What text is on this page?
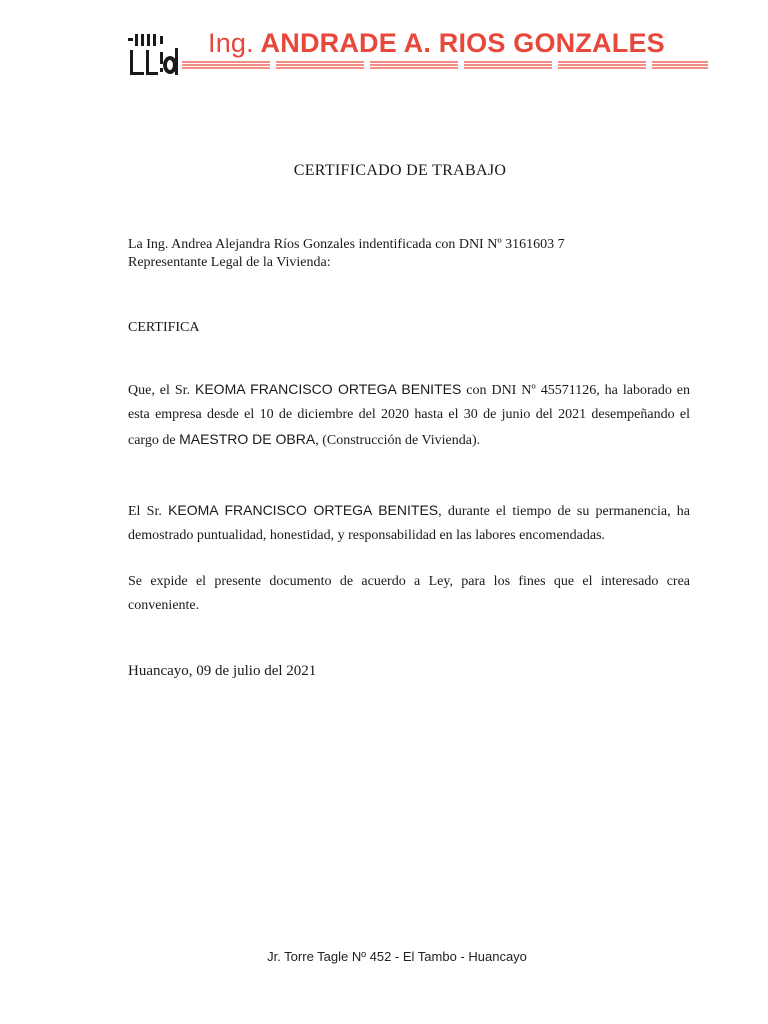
Ing. ANDRADE A. RIOS GONZALES
CERTIFICADO DE TRABAJO

La Ing. Andrea Alejandra Ríos Gonzales indentificada con DNI Nº 3161603 7
Representante Legal de la Vivienda:

CERTIFICA

Que, el Sr. KEOMA FRANCISCO ORTEGA BENITES con DNI Nº 45571126, ha laborado en esta empresa desde el 10 de diciembre del 2020 hasta el 30 de junio del 2021 desempeñando el cargo de MAESTRO DE OBRA, (Construcción de Vivienda).

El Sr. KEOMA FRANCISCO ORTEGA BENITES, durante el tiempo de su permanencia, ha demostrado puntualidad, honestidad, y responsabilidad en las labores encomendadas.

Se expide el presente documento de acuerdo a Ley, para los fines que el interesado crea conveniente.

Huancayo, 09 de julio del 2021

Jr. Torre Tagle Nº 452 - El Tambo - Huancayo
